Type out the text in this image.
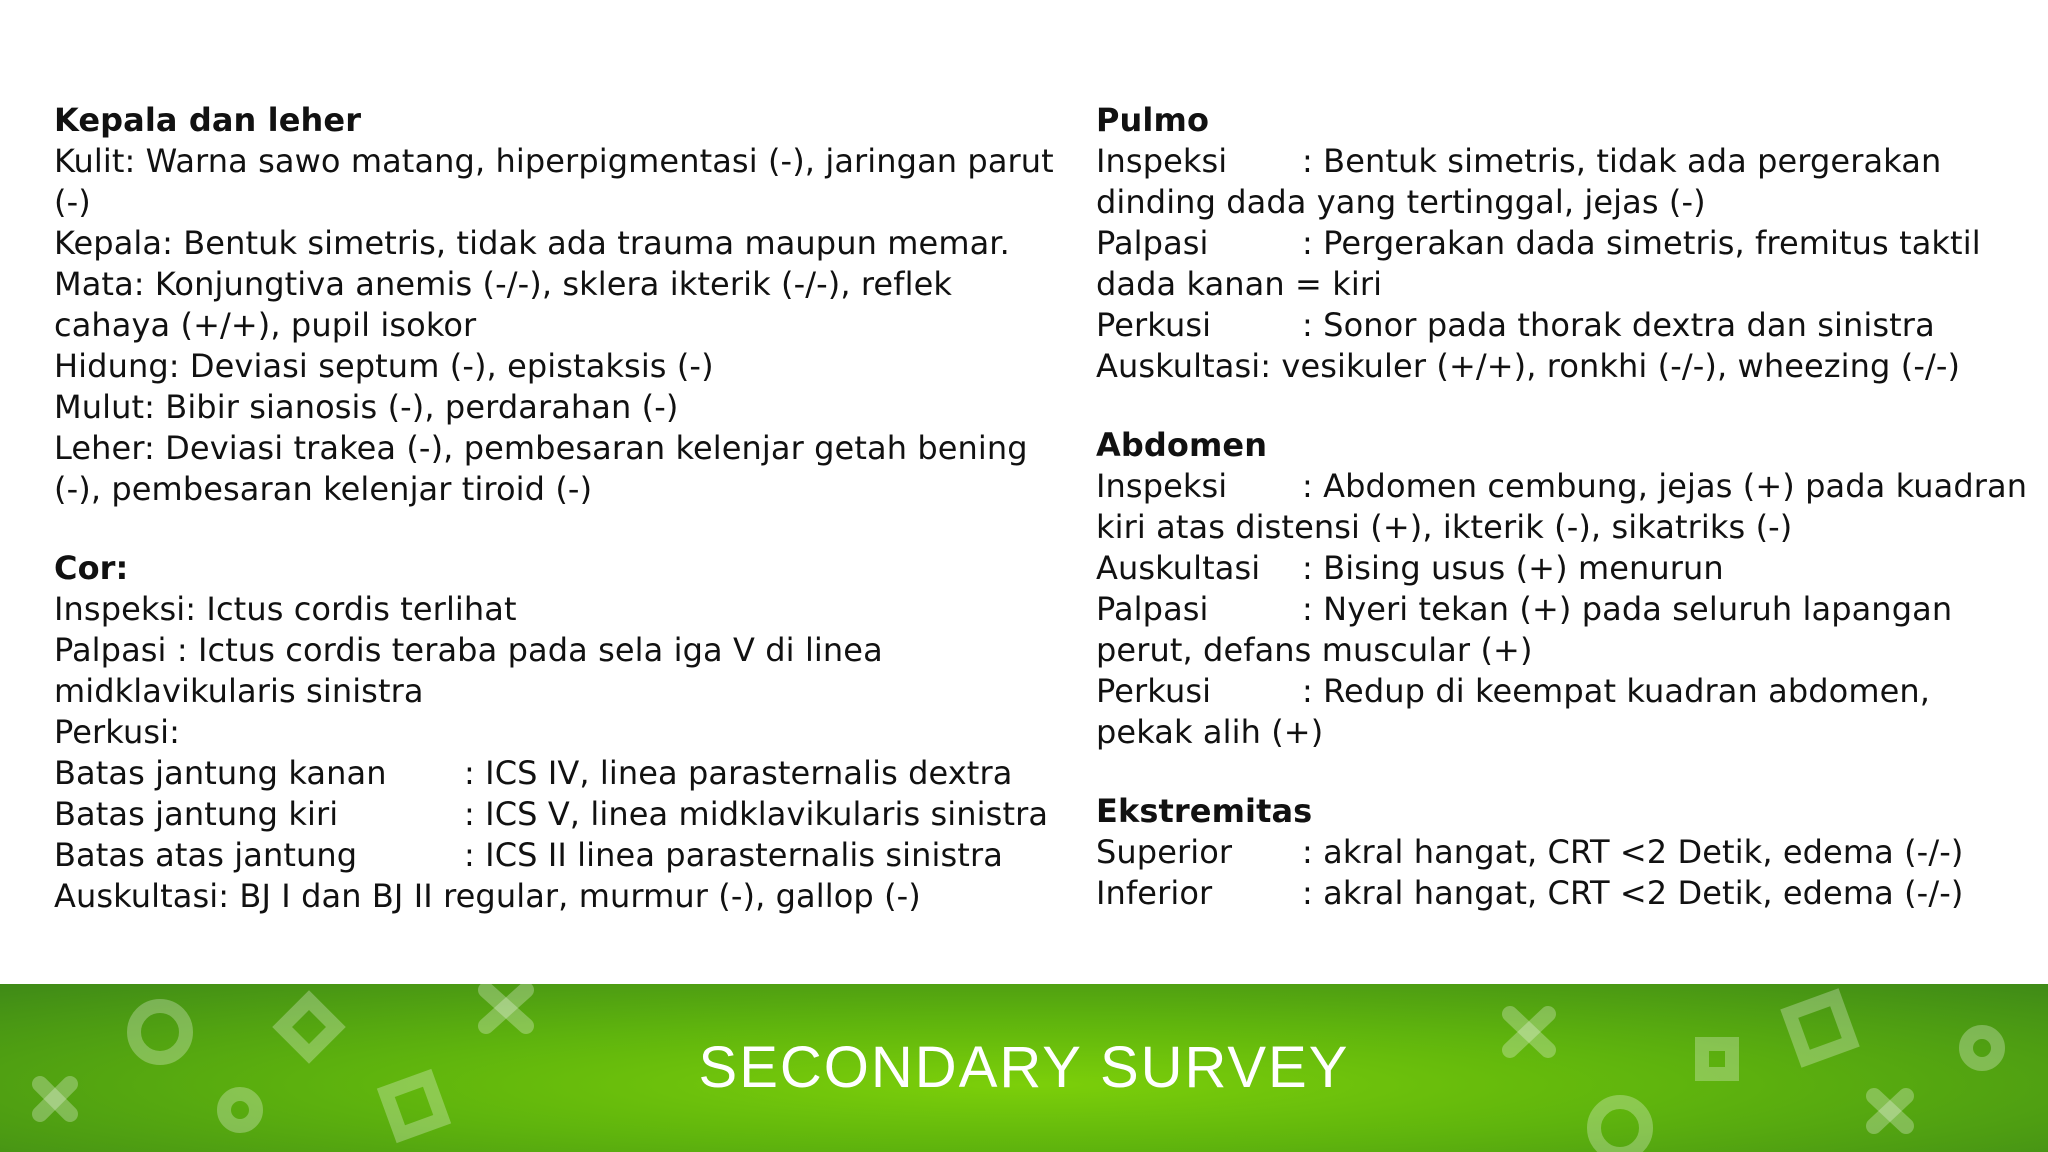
Kepala dan leher
Kulit: Warna sawo matang, hiperpigmentasi (-), jaringan parut (-)
Kepala: Bentuk simetris, tidak ada trauma maupun memar.
Mata: Konjungtiva anemis (-/-), sklera ikterik (-/-), reflek cahaya (+/+), pupil isokor
Hidung: Deviasi septum (-), epistaksis (-)
Mulut: Bibir sianosis (-), perdarahan (-)
Leher: Deviasi trakea (-), pembesaran kelenjar getah bening (-), pembesaran kelenjar tiroid (-)
Cor:
Inspeksi: Ictus cordis terlihat
Palpasi : Ictus cordis teraba pada sela iga V di linea midklavikularis sinistra
Perkusi:
Batas jantung kanan : ICS IV, linea parasternalis dextra
Batas jantung kiri	: ICS V, linea midklavikularis sinistra
Batas atas jantung	: ICS II linea parasternalis sinistra
Auskultasi: BJ I dan BJ II regular, murmur (-), gallop (-)
Pulmo
Inspeksi : Bentuk simetris, tidak ada pergerakan dinding dada yang tertinggal, jejas (-)
Palpasi	: Pergerakan dada simetris, fremitus taktil dada kanan = kiri
Perkusi	: Sonor pada thorak dextra dan sinistra
Auskultasi: vesikuler (+/+), ronkhi (-/-), wheezing (-/-)
Abdomen
Inspeksi : Abdomen cembung, jejas (+) pada kuadran kiri atas distensi (+), ikterik (-), sikatriks (-)
Auskultasi : Bising usus (+) menurun
Palpasi	: Nyeri tekan (+) pada seluruh lapangan perut, defans muscular (+)
Perkusi	: Redup di keempat kuadran abdomen, pekak alih (+)
Ekstremitas
Superior : akral hangat, CRT <2 Detik, edema (-/-)
Inferior	: akral hangat, CRT <2 Detik, edema (-/-)
SECONDARY SURVEY
